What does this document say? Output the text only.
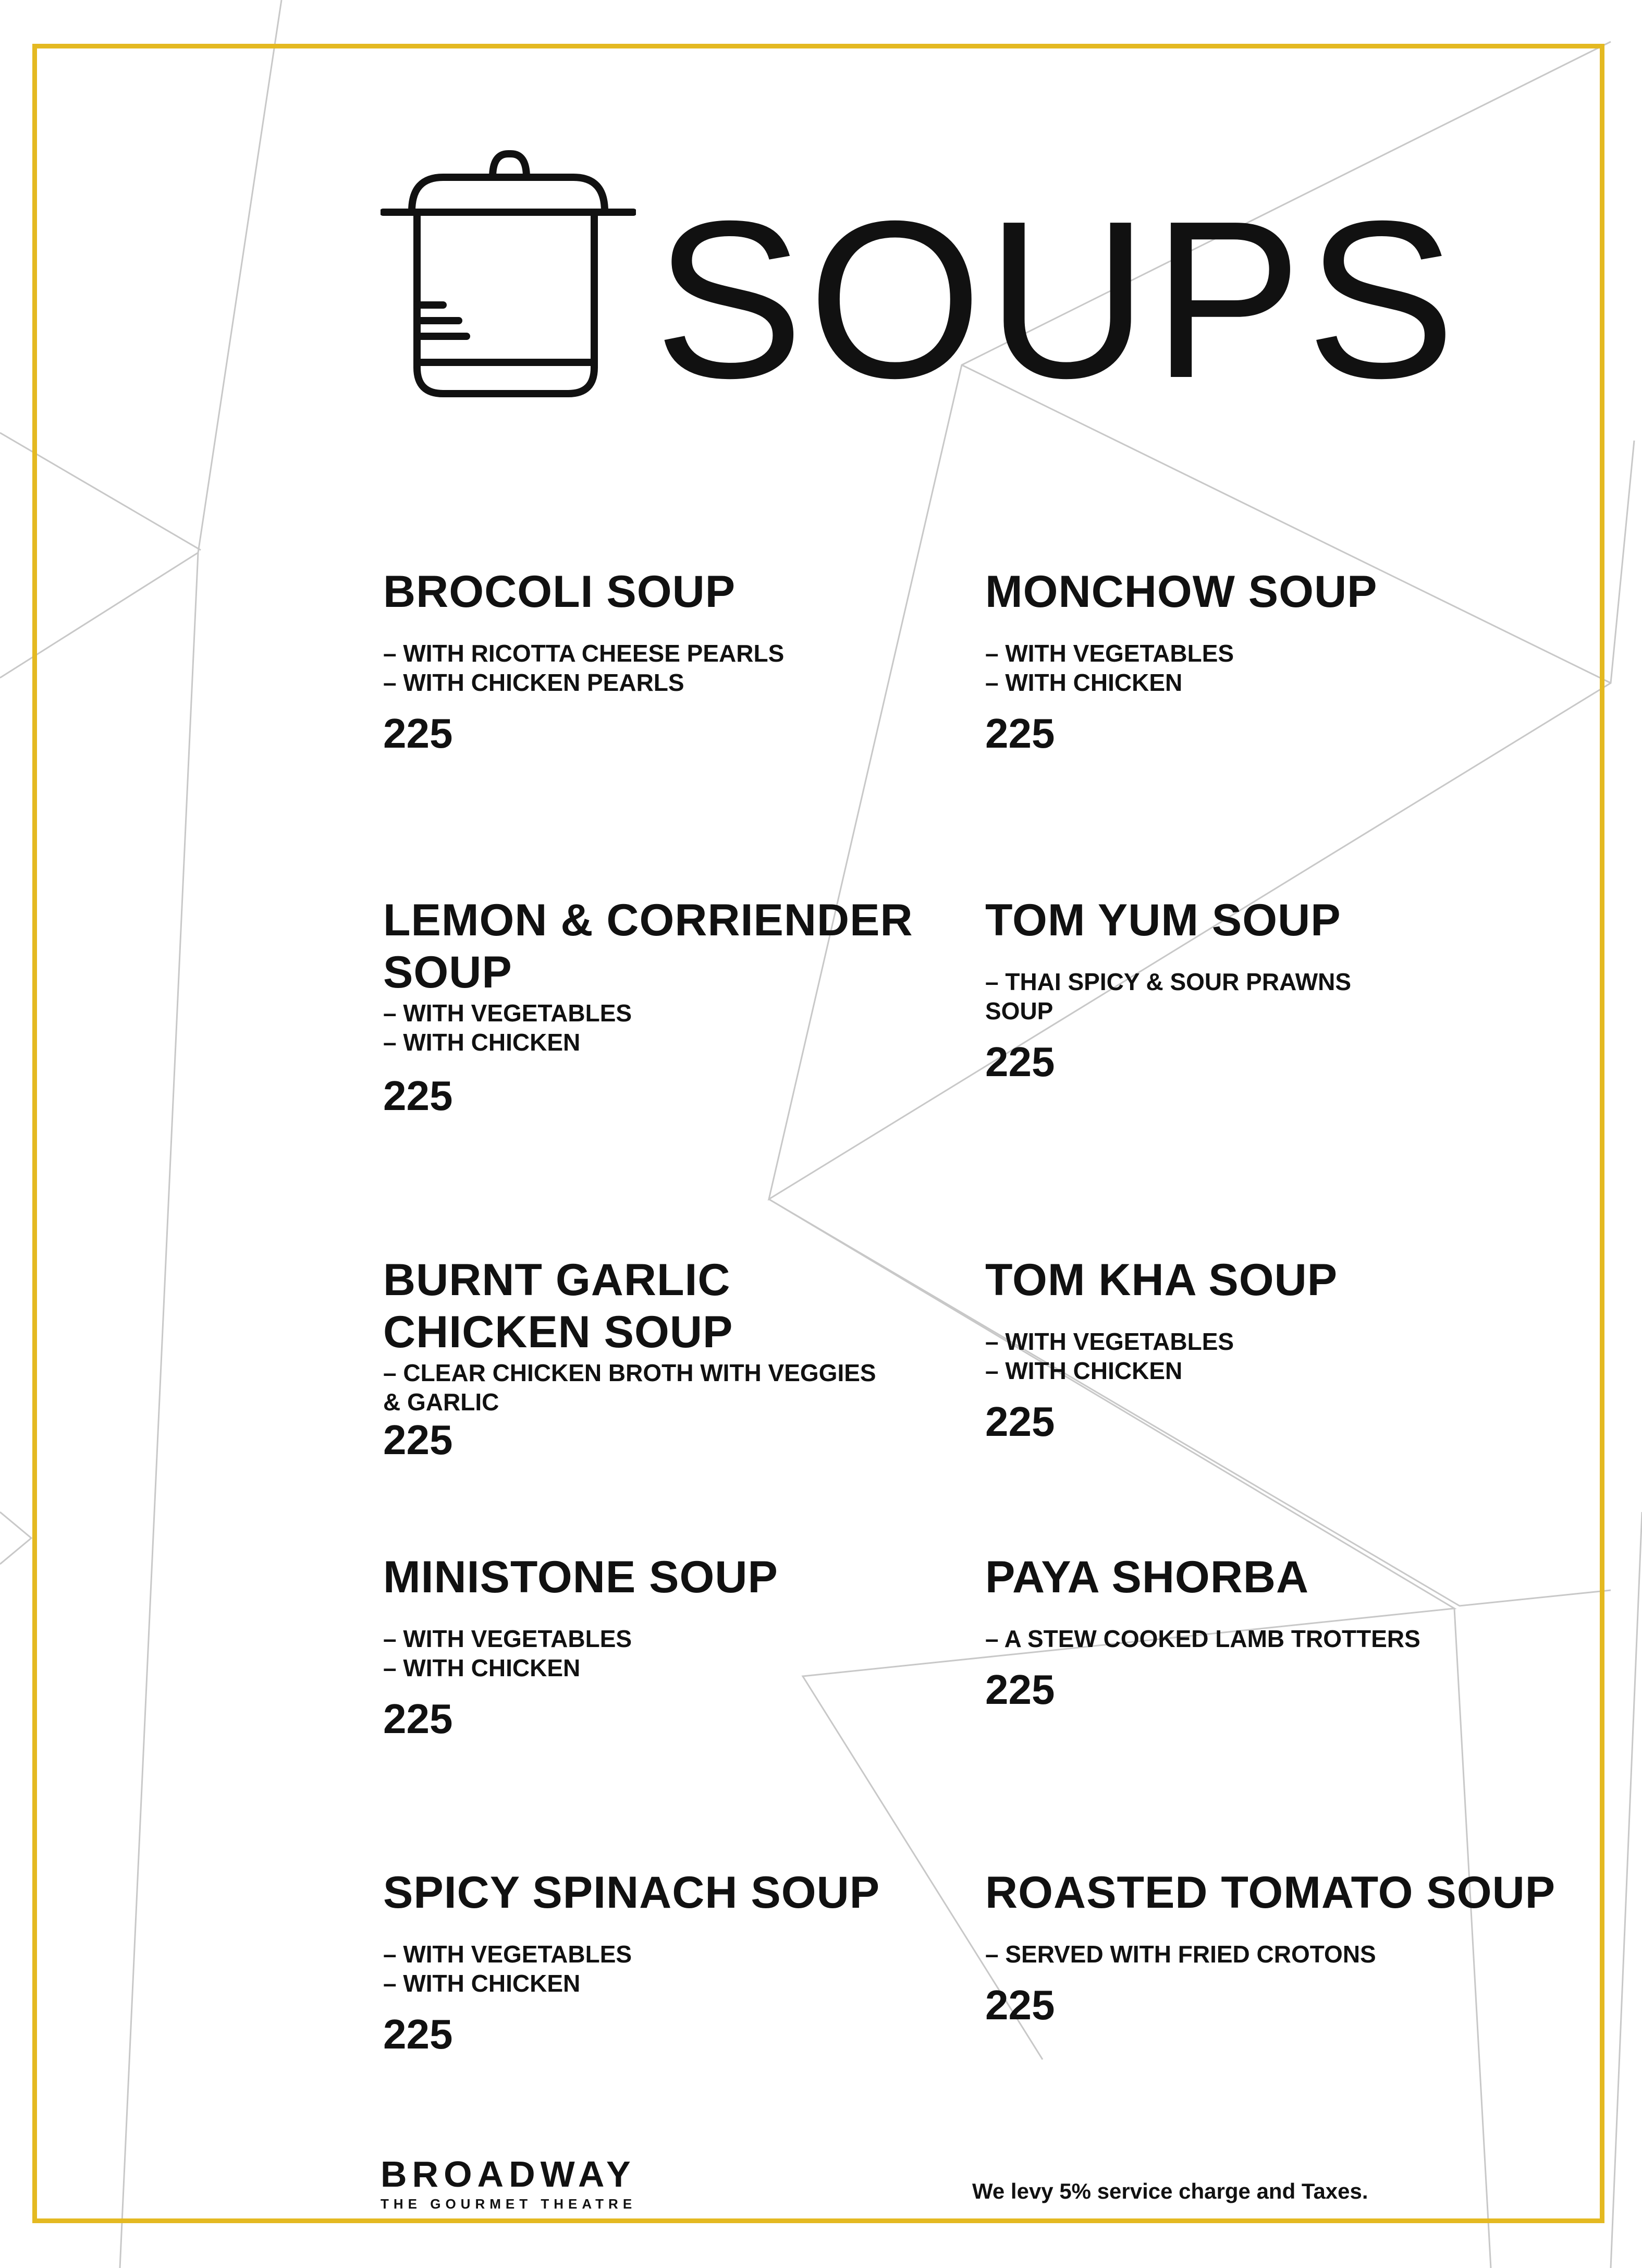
SOUPS

BROCOLI SOUP

– WITH RICOTTA CHEESE PEARLS
– WITH CHICKEN PEARLS

225

LEMON & CORRIENDER SOUP

– WITH VEGETABLES
– WITH CHICKEN

225

BURNT GARLIC CHICKEN SOUP

– CLEAR CHICKEN BROTH WITH VEGGIES & GARLIC

225

MINISTONE SOUP

– WITH VEGETABLES
– WITH CHICKEN

225

SPICY SPINACH SOUP

– WITH VEGETABLES
– WITH CHICKEN

225

MONCHOW SOUP

– WITH VEGETABLES
– WITH CHICKEN

225

TOM YUM SOUP

– THAI SPICY & SOUR PRAWNS SOUP

225

TOM KHA SOUP

– WITH VEGETABLES
– WITH CHICKEN

225

PAYA SHORBA

– A STEW COOKED LAMB TROTTERS

225

ROASTED TOMATO SOUP

– SERVED WITH FRIED CROTONS

225

BROADWAY
THE GOURMET THEATRE
We levy 5% service charge and Taxes.
